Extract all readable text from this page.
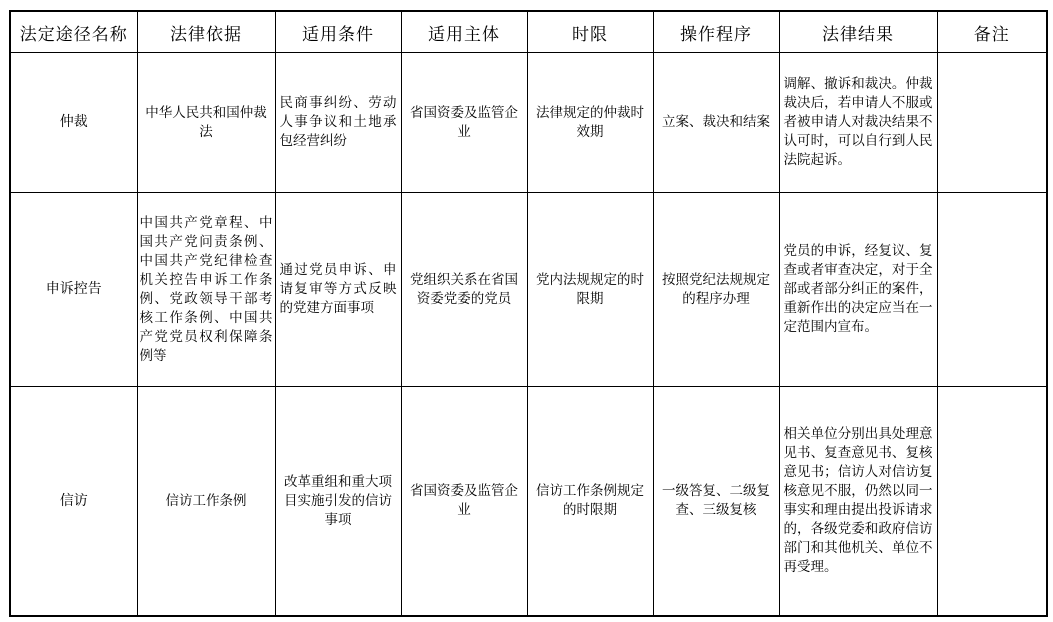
法定途径名称	法律依据	适用条件	适用主体	时限	操作程序	法律结果	备注
仲裁	中华人民共和国仲裁法	民商事纠纷、劳动人事争议和土地承包经营纠纷	省国资委及监管企业	法律规定的仲裁时效期	立案、裁决和结案	调解、撤诉和裁决。仲裁裁决后，若申请人不服或者被申请人对裁决结果不认可时，可以自行到人民法院起诉。	
申诉控告	中国共产党章程、中国共产党问责条例、中国共产党纪律检查机关控告申诉工作条例、党政领导干部考核工作条例、中国共产党党员权利保障条例等	通过党员申诉、申请复审等方式反映的党建方面事项	党组织关系在省国资委党委的党员	党内法规规定的时限期	按照党纪法规规定的程序办理	党员的申诉，经复议、复查或者审查决定，对于全部或者部分纠正的案件，重新作出的决定应当在一定范围内宣布。	
信访	信访工作条例	改革重组和重大项目实施引发的信访事项	省国资委及监管企业	信访工作条例规定的时限期	一级答复、二级复查、三级复核	相关单位分别出具处理意见书、复查意见书、复核意见书；信访人对信访复核意见不服，仍然以同一事实和理由提出投诉请求的，各级党委和政府信访部门和其他机关、单位不再受理。	
